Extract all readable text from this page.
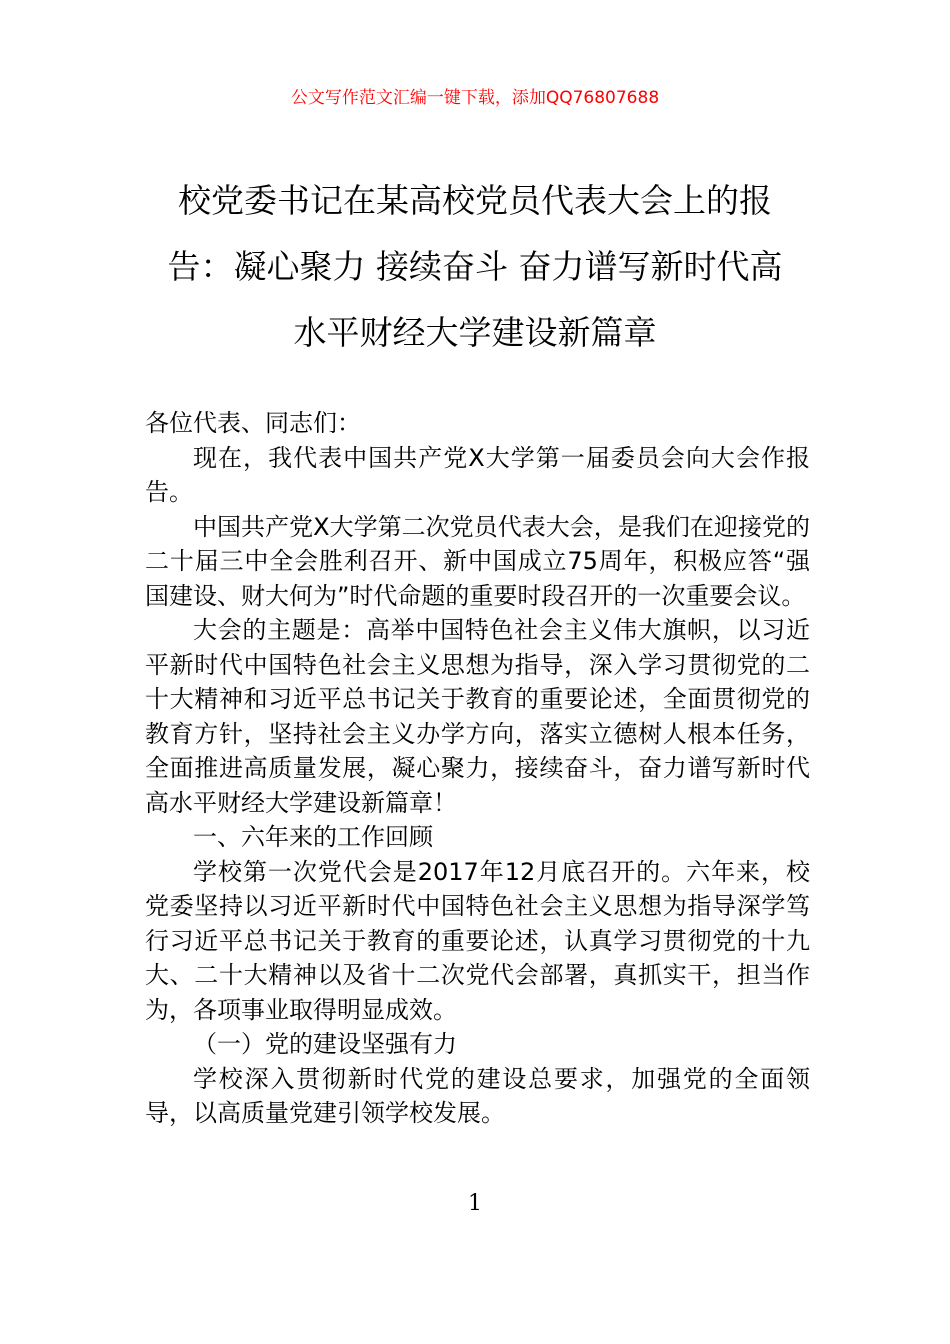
公文写作范文汇编一键下载，添加QQ76807688
校党委书记在某高校党员代表大会上的报
告：凝心聚力 接续奋斗 奋力谱写新时代高
水平财经大学建设新篇章

各位代表、同志们：

现在，我代表中国共产党X大学第一届委员会向大会作报告。

中国共产党X大学第二次党员代表大会，是我们在迎接党的二十届三中全会胜利召开、新中国成立75周年，积极应答“强国建设、财大何为”时代命题的重要时段召开的一次重要会议。

大会的主题是：高举中国特色社会主义伟大旗帜，以习近平新时代中国特色社会主义思想为指导，深入学习贯彻党的二十大精神和习近平总书记关于教育的重要论述，全面贯彻党的教育方针，坚持社会主义办学方向，落实立德树人根本任务，全面推进高质量发展，凝心聚力，接续奋斗，奋力谱写新时代高水平财经大学建设新篇章！

一、六年来的工作回顾

学校第一次党代会是2017年12月底召开的。六年来，校党委坚持以习近平新时代中国特色社会主义思想为指导深学笃行习近平总书记关于教育的重要论述，认真学习贯彻党的十九大、二十大精神以及省十二次党代会部署，真抓实干，担当作为，各项事业取得明显成效。

（一）党的建设坚强有力

学校深入贯彻新时代党的建设总要求，加强党的全面领导，以高质量党建引领学校发展。

1
